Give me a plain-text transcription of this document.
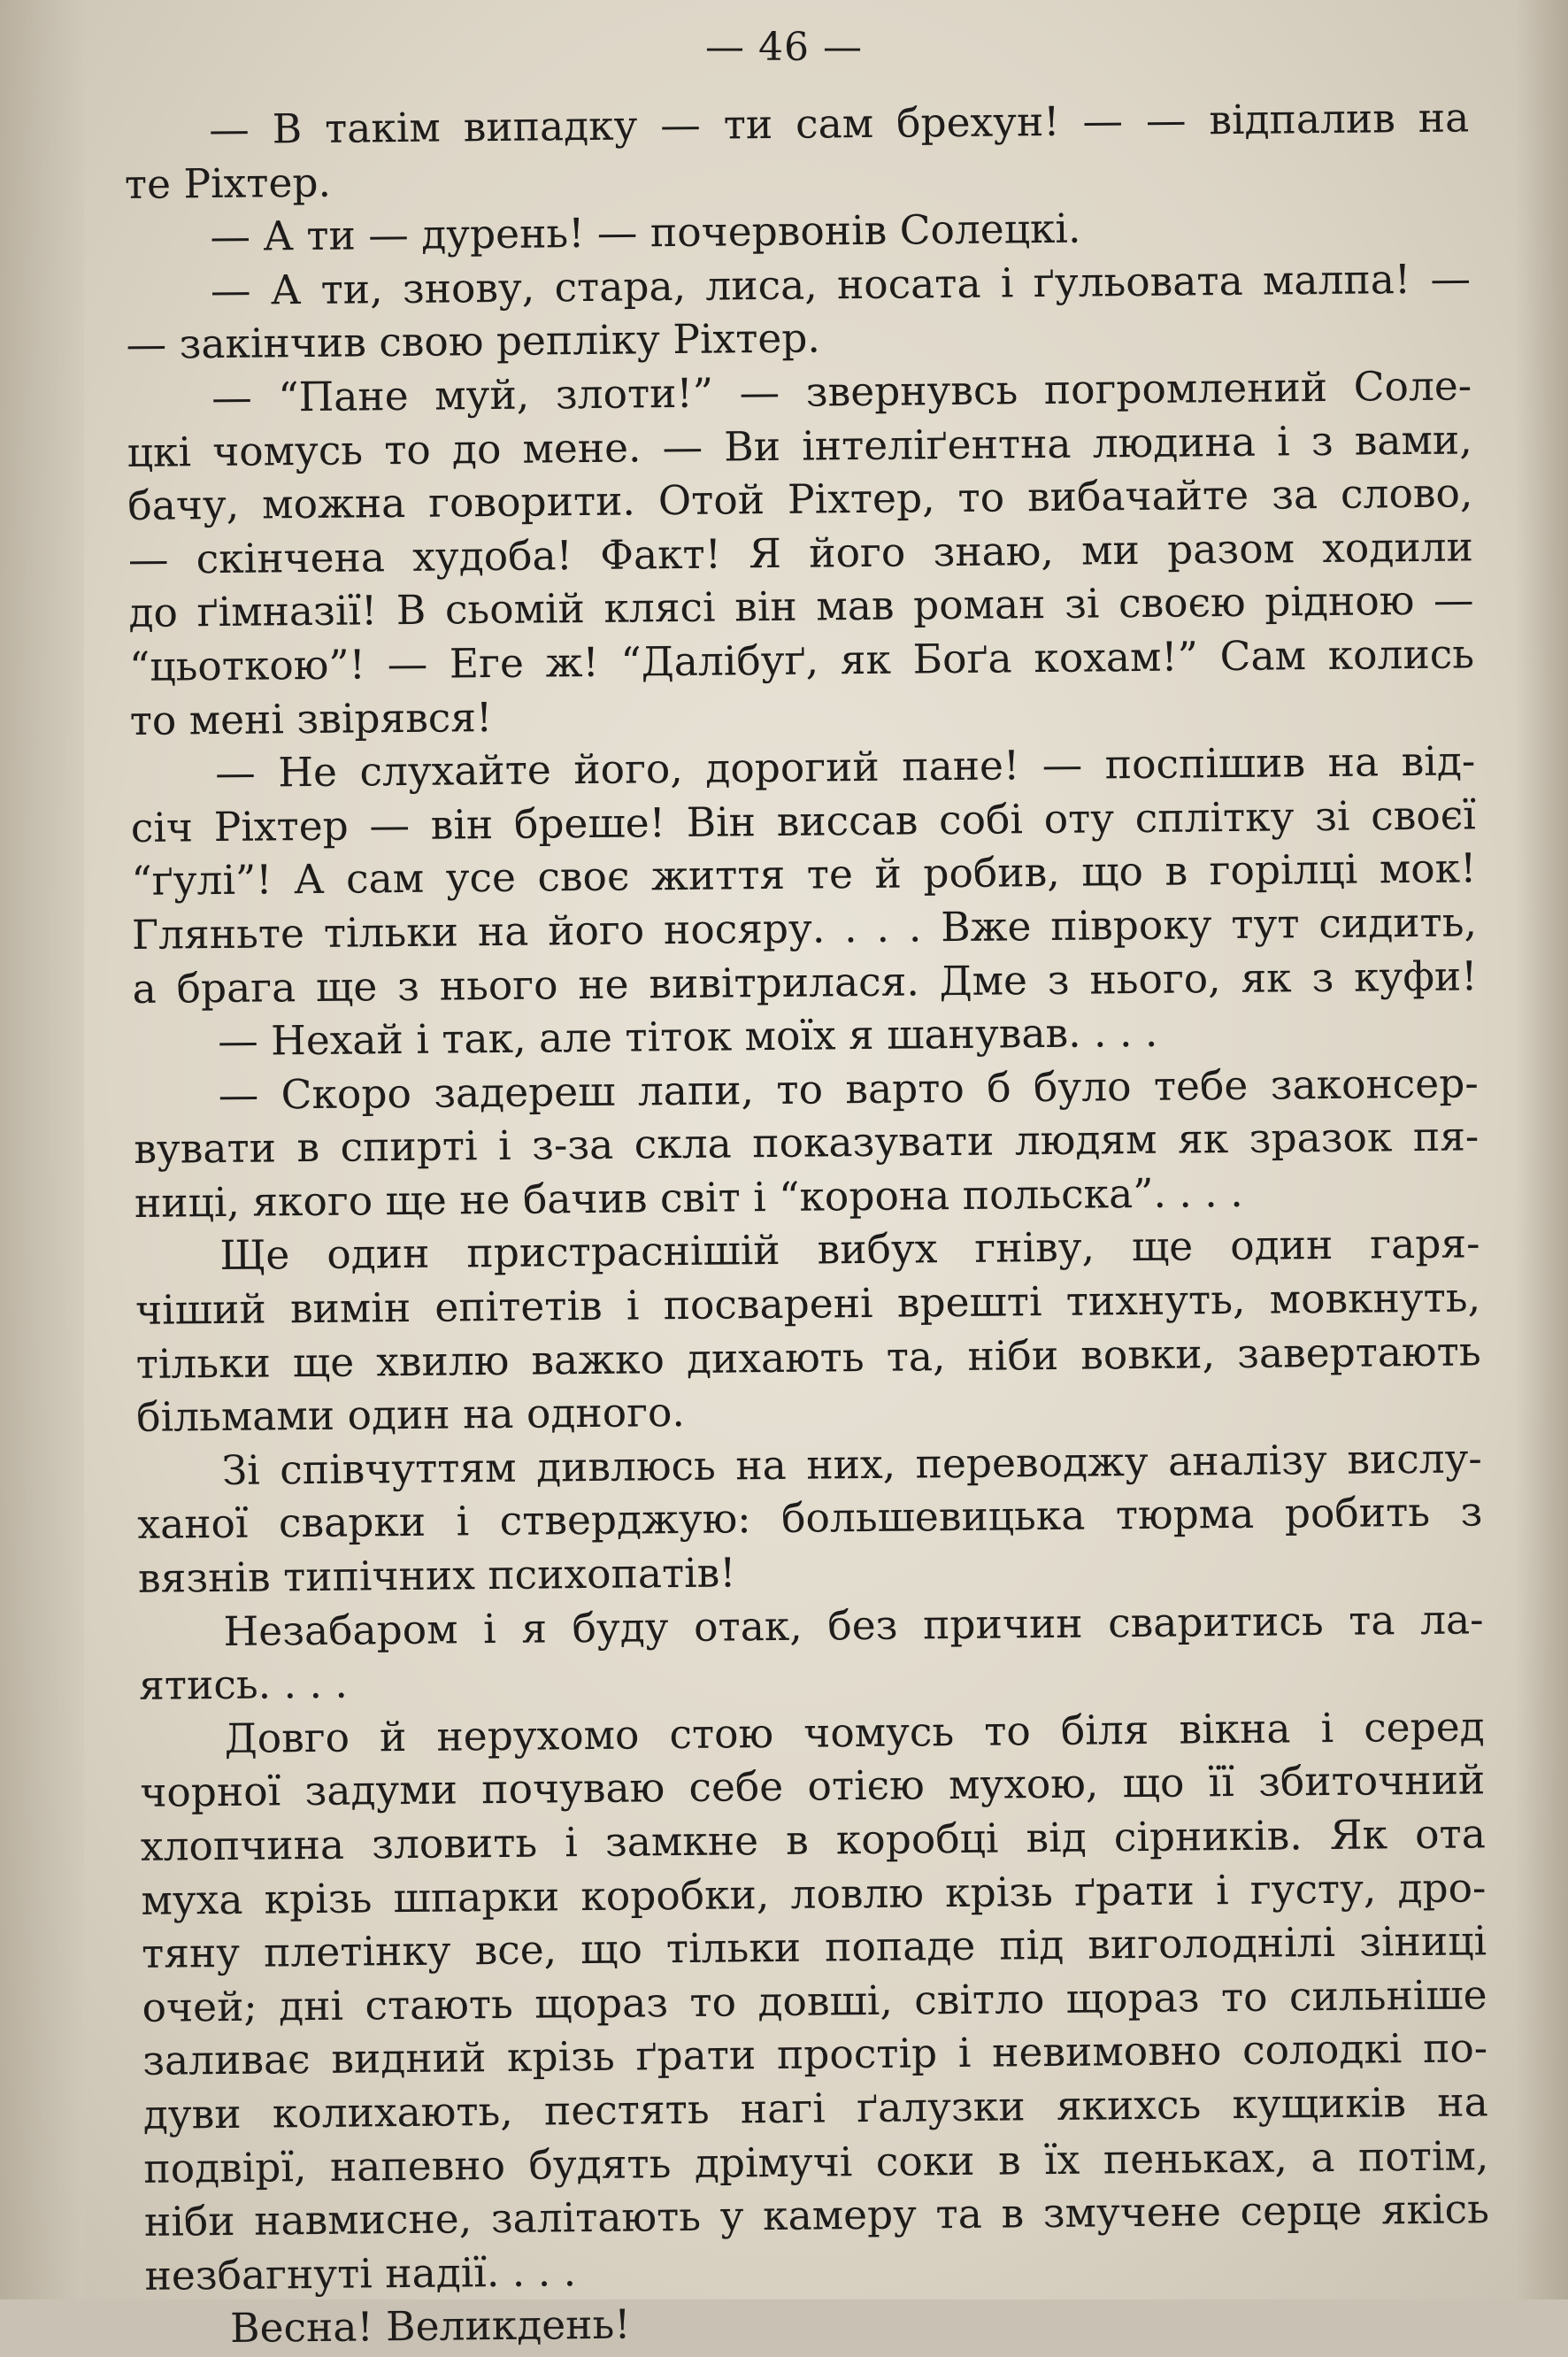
— 46 —
— В такім випадку — ти сам брехун! — — відпалив на
те Ріхтер.
— А ти — дурень! — почервонів Солецкі.
— А ти, знову, стара, лиса, носата і ґульовата малпа! —
— закінчив свою репліку Ріхтер.
— “Пане муй, злоти!” — звернувсь погромлений Соле-
цкі чомусь то до мене. — Ви інтеліґентна людина і з вами,
бачу, можна говорити. Отой Ріхтер, то вибачайте за слово,
— скінчена худоба! Факт! Я його знаю, ми разом ходили
до ґімназії! В сьомій клясі він мав роман зі своєю рідною —
“цьоткою”! — Еге ж! “Далібуґ, як Боґа кохам!” Сам колись
то мені звірявся!
— Не слухайте його, дорогий пане! — поспішив на від-
січ Ріхтер — він бреше! Він виссав собі оту сплітку зі своєї
“ґулі”! А сам усе своє життя те й робив, що в горілці мок!
Гляньте тільки на його носяру. . . . Вже півроку тут сидить,
а брага ще з нього не вивітрилася. Дме з нього, як з куфи!
— Нехай і так, але тіток моїх я шанував. . . .
— Скоро задереш лапи, то варто б було тебе законсер-
вувати в спирті і з-за скла показувати людям як зразок пя-
ниці, якого ще не бачив світ і “корона польска”. . . .
Ще один пристраснішій вибух гніву, ще один гаря-
чіший вимін епітетів і посварені врешті тихнуть, мовкнуть,
тільки ще хвилю важко дихають та, ніби вовки, завертають
більмами один на одного.
Зі співчуттям дивлюсь на них, переводжу аналізу вислу-
ханої сварки і стверджую: большевицька тюрма робить з
вязнів типічних психопатів!
Незабаром і я буду отак, без причин сваритись та ла-
ятись. . . .
Довго й нерухомо стою чомусь то біля вікна і серед
чорної задуми почуваю себе отією мухою, що її збиточний
хлопчина зловить і замкне в коробці від сірників. Як ота
муха крізь шпарки коробки, ловлю крізь ґрати і густу, дро-
тяну плетінку все, що тільки попаде під виголоднілі зіниці
очей; дні стають щораз то довші, світло щораз то сильніше
заливає видний крізь ґрати простір і невимовно солодкі по-
дуви колихають, пестять нагі ґалузки якихсь кущиків на
подвірї, напевно будять дрімучі соки в їх пеньках, а потім,
ніби навмисне, залітають у камеру та в змучене серце якісь
незбагнуті надії. . . .
Весна! Великдень!
